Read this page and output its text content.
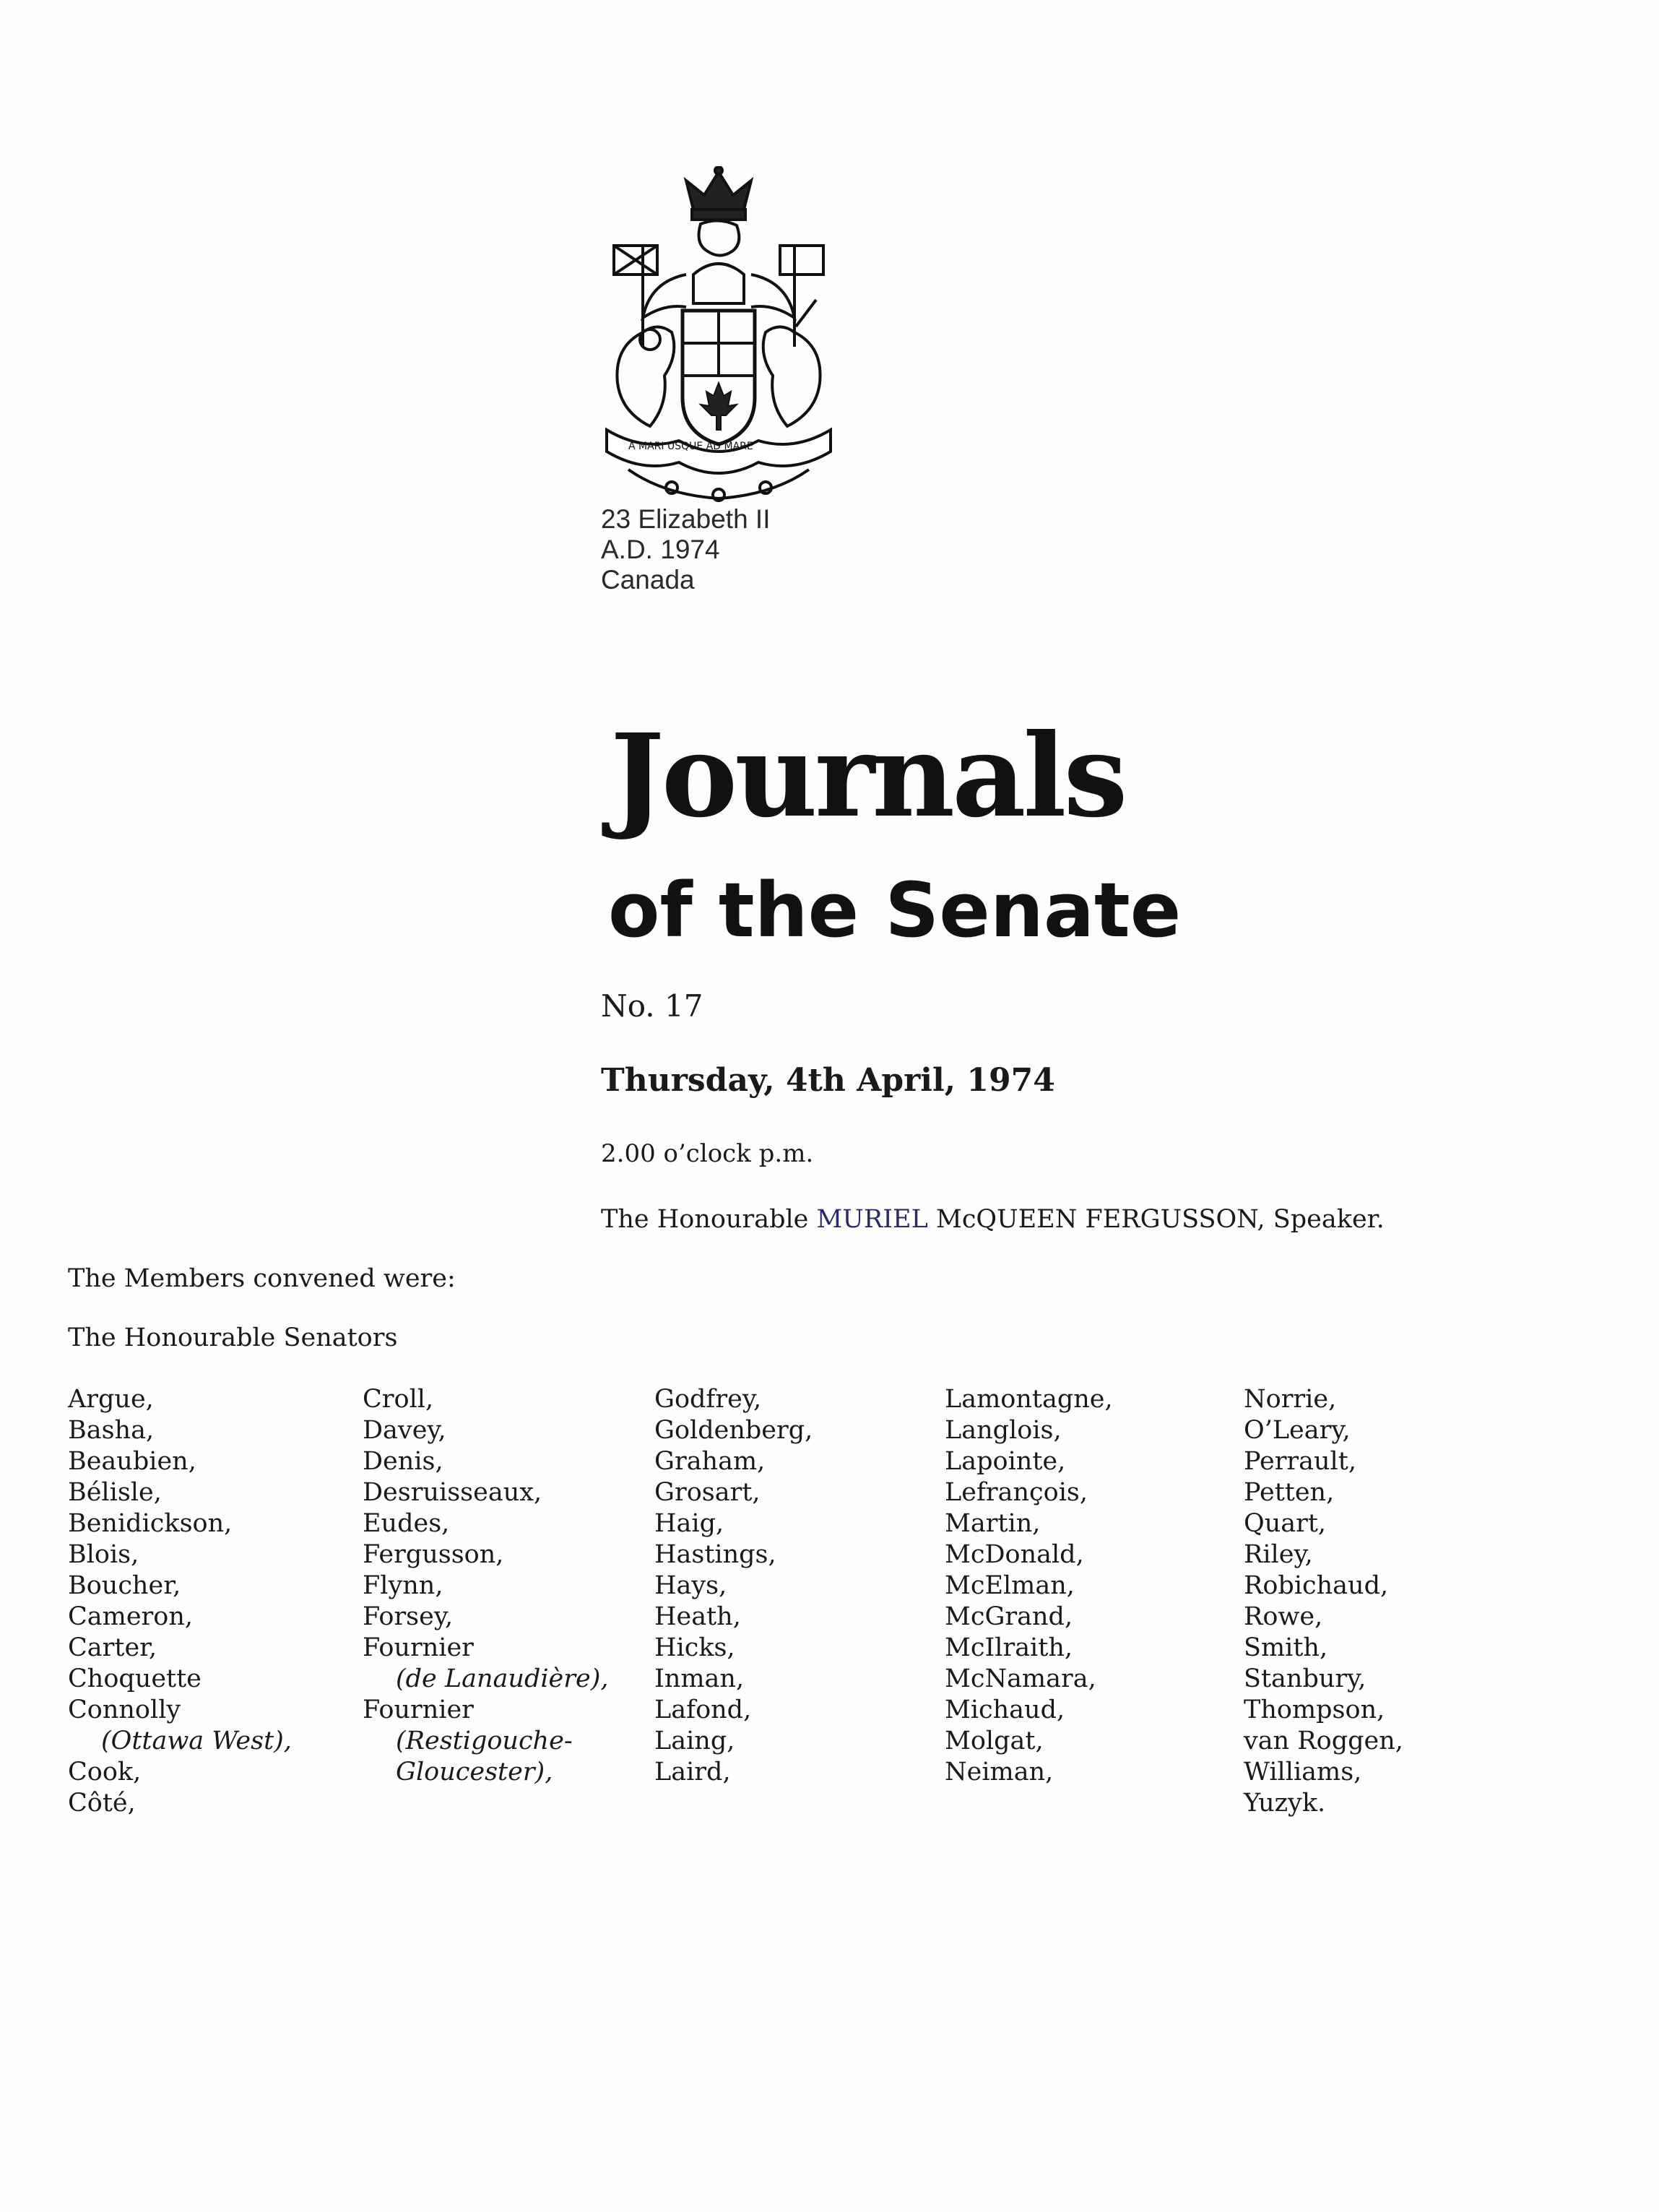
A MARI USQUE AD MARE
23 Elizabeth II
A.D. 1974
Canada
Journals
of the Senate
No. 17
Thursday, 4th April, 1974
2.00 o’clock p.m.
The Honourable MURIEL McQUEEN FERGUSSON, Speaker.
The Members convened were:
The Honourable Senators
Argue,
Basha,
Beaubien,
Bélisle,
Benidickson,
Blois,
Boucher,
Cameron,
Carter,
Choquette
Connolly
(Ottawa West),
Cook,
Côté,
Croll,
Davey,
Denis,
Desruisseaux,
Eudes,
Fergusson,
Flynn,
Forsey,
Fournier
(de Lanaudière),
Fournier
(Restigouche-
Gloucester),
Godfrey,
Goldenberg,
Graham,
Grosart,
Haig,
Hastings,
Hays,
Heath,
Hicks,
Inman,
Lafond,
Laing,
Laird,
Lamontagne,
Langlois,
Lapointe,
Lefrançois,
Martin,
McDonald,
McElman,
McGrand,
McIlraith,
McNamara,
Michaud,
Molgat,
Neiman,
Norrie,
O’Leary,
Perrault,
Petten,
Quart,
Riley,
Robichaud,
Rowe,
Smith,
Stanbury,
Thompson,
van Roggen,
Williams,
Yuzyk.
